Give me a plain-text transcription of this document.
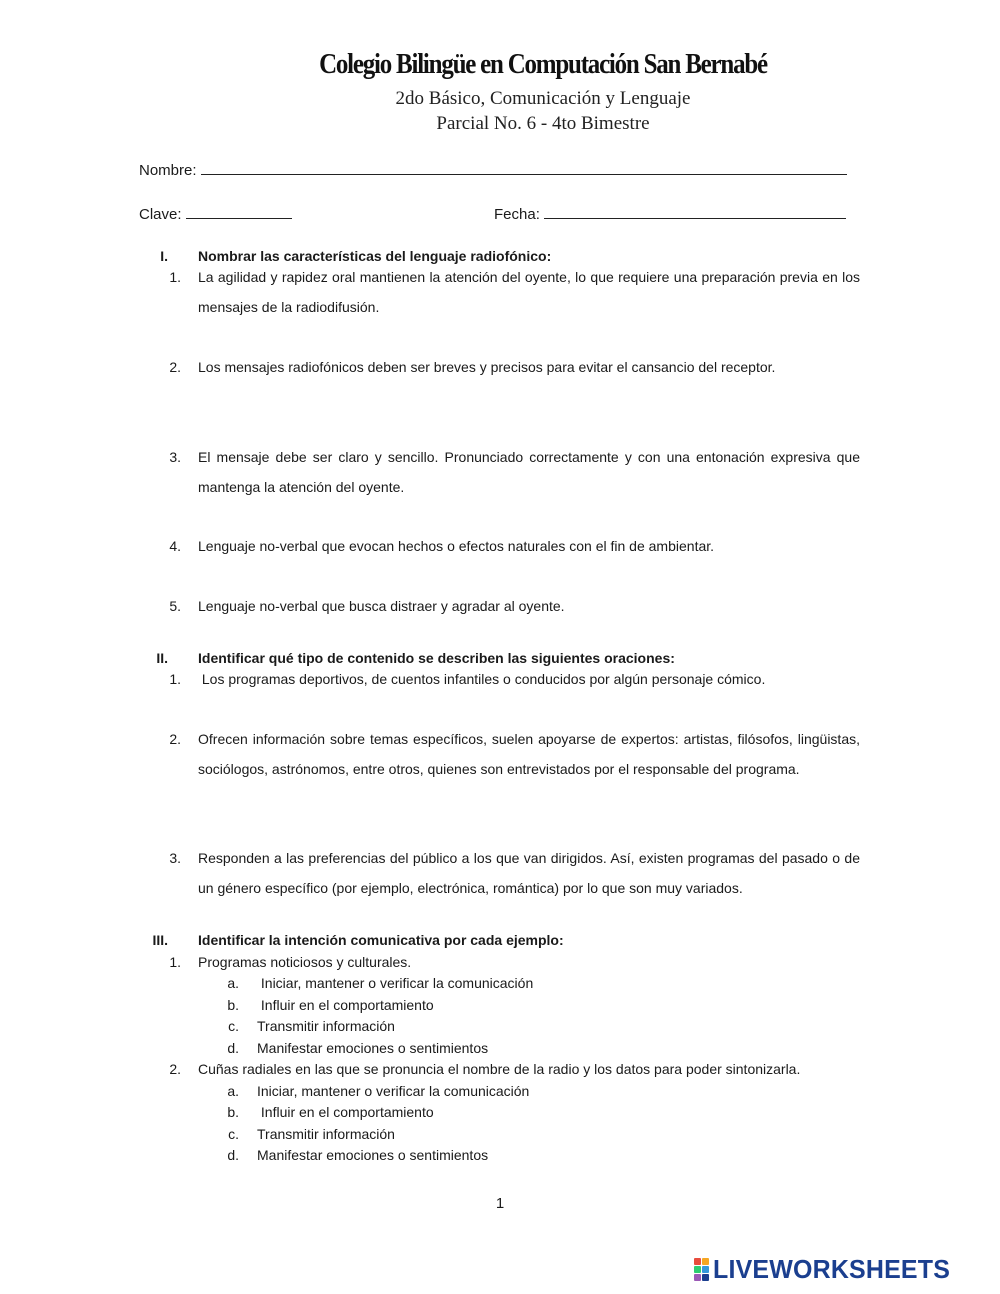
Colegio Bilingüe en Computación San Bernabé
2do Básico, Comunicación y Lenguaje
Parcial No. 6 - 4to Bimestre
Nombre:
Clave:	Fecha:
I. Nombrar las características del lenguaje radiofónico:
1. La agilidad y rapidez oral mantienen la atención del oyente, lo que requiere una preparación previa en los mensajes de la radiodifusión.
2. Los mensajes radiofónicos deben ser breves y precisos para evitar el cansancio del receptor.
3. El mensaje debe ser claro y sencillo. Pronunciado correctamente y con una entonación expresiva que mantenga la atención del oyente.
4. Lenguaje no-verbal que evocan hechos o efectos naturales con el fin de ambientar.
5. Lenguaje no-verbal que busca distraer y agradar al oyente.
II. Identificar qué tipo de contenido se describen las siguientes oraciones:
1. Los programas deportivos, de cuentos infantiles o conducidos por algún personaje cómico.
2. Ofrecen información sobre temas específicos, suelen apoyarse de expertos: artistas, filósofos, lingüistas, sociólogos, astrónomos, entre otros, quienes son entrevistados por el responsable del programa.
3. Responden a las preferencias del público a los que van dirigidos. Así, existen programas del pasado o de un género específico (por ejemplo, electrónica, romántica) por lo que son muy variados.
III. Identificar la intención comunicativa por cada ejemplo:
1. Programas noticiosos y culturales.
a. Iniciar, mantener o verificar la comunicación
b. Influir en el comportamiento
c. Transmitir información
d. Manifestar emociones o sentimientos
2. Cuñas radiales en las que se pronuncia el nombre de la radio y los datos para poder sintonizarla.
a. Iniciar, mantener o verificar la comunicación
b. Influir en el comportamiento
c. Transmitir información
d. Manifestar emociones o sentimientos
1
LIVEWORKSHEETS
